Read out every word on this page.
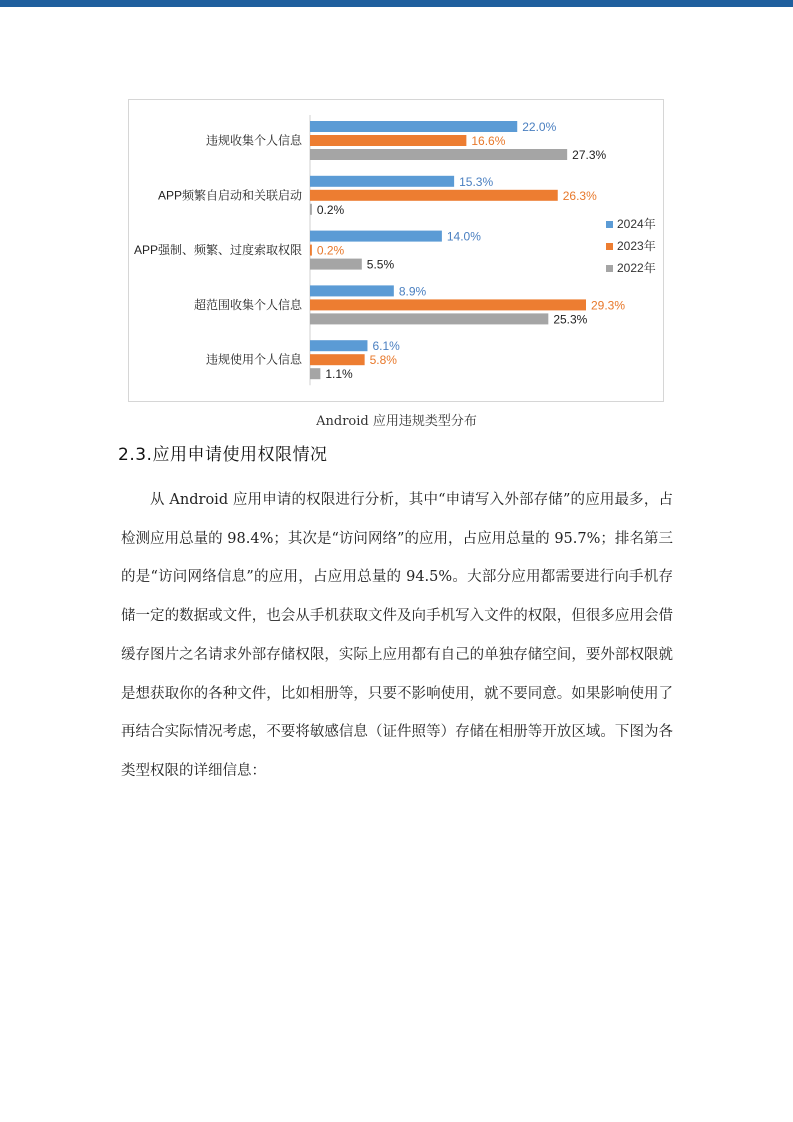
违规收集个人信息
22.0%
16.6%
27.3%
APP频繁自启动和关联启动
15.3%
26.3%
0.2%
APP强制、频繁、过度索取权限
14.0%
0.2%
5.5%
超范围收集个人信息
8.9%
29.3%
25.3%
违规使用个人信息
6.1%
5.8%
1.1%
2024年
2023年
2022年
Android 应用违规类型分布
2.3.应用申请使用权限情况

从 Android 应用申请的权限进行分析，其中“申请写入外部存储”的应用最多，占检测应用总量的 98.4%；其次是“访问网络”的应用，占应用总量的 95.7%；排名第三的是“访问网络信息”的应用，占应用总量的 94.5%。大部分应用都需要进行向手机存储一定的数据或文件，也会从手机获取文件及向手机写入文件的权限，但很多应用会借缓存图片之名请求外部存储权限，实际上应用都有自己的单独存储空间，要外部权限就是想获取你的各种文件，比如相册等，只要不影响使用，就不要同意。如果影响使用了再结合实际情况考虑，不要将敏感信息（证件照等）存储在相册等开放区域。下图为各类型权限的详细信息：
